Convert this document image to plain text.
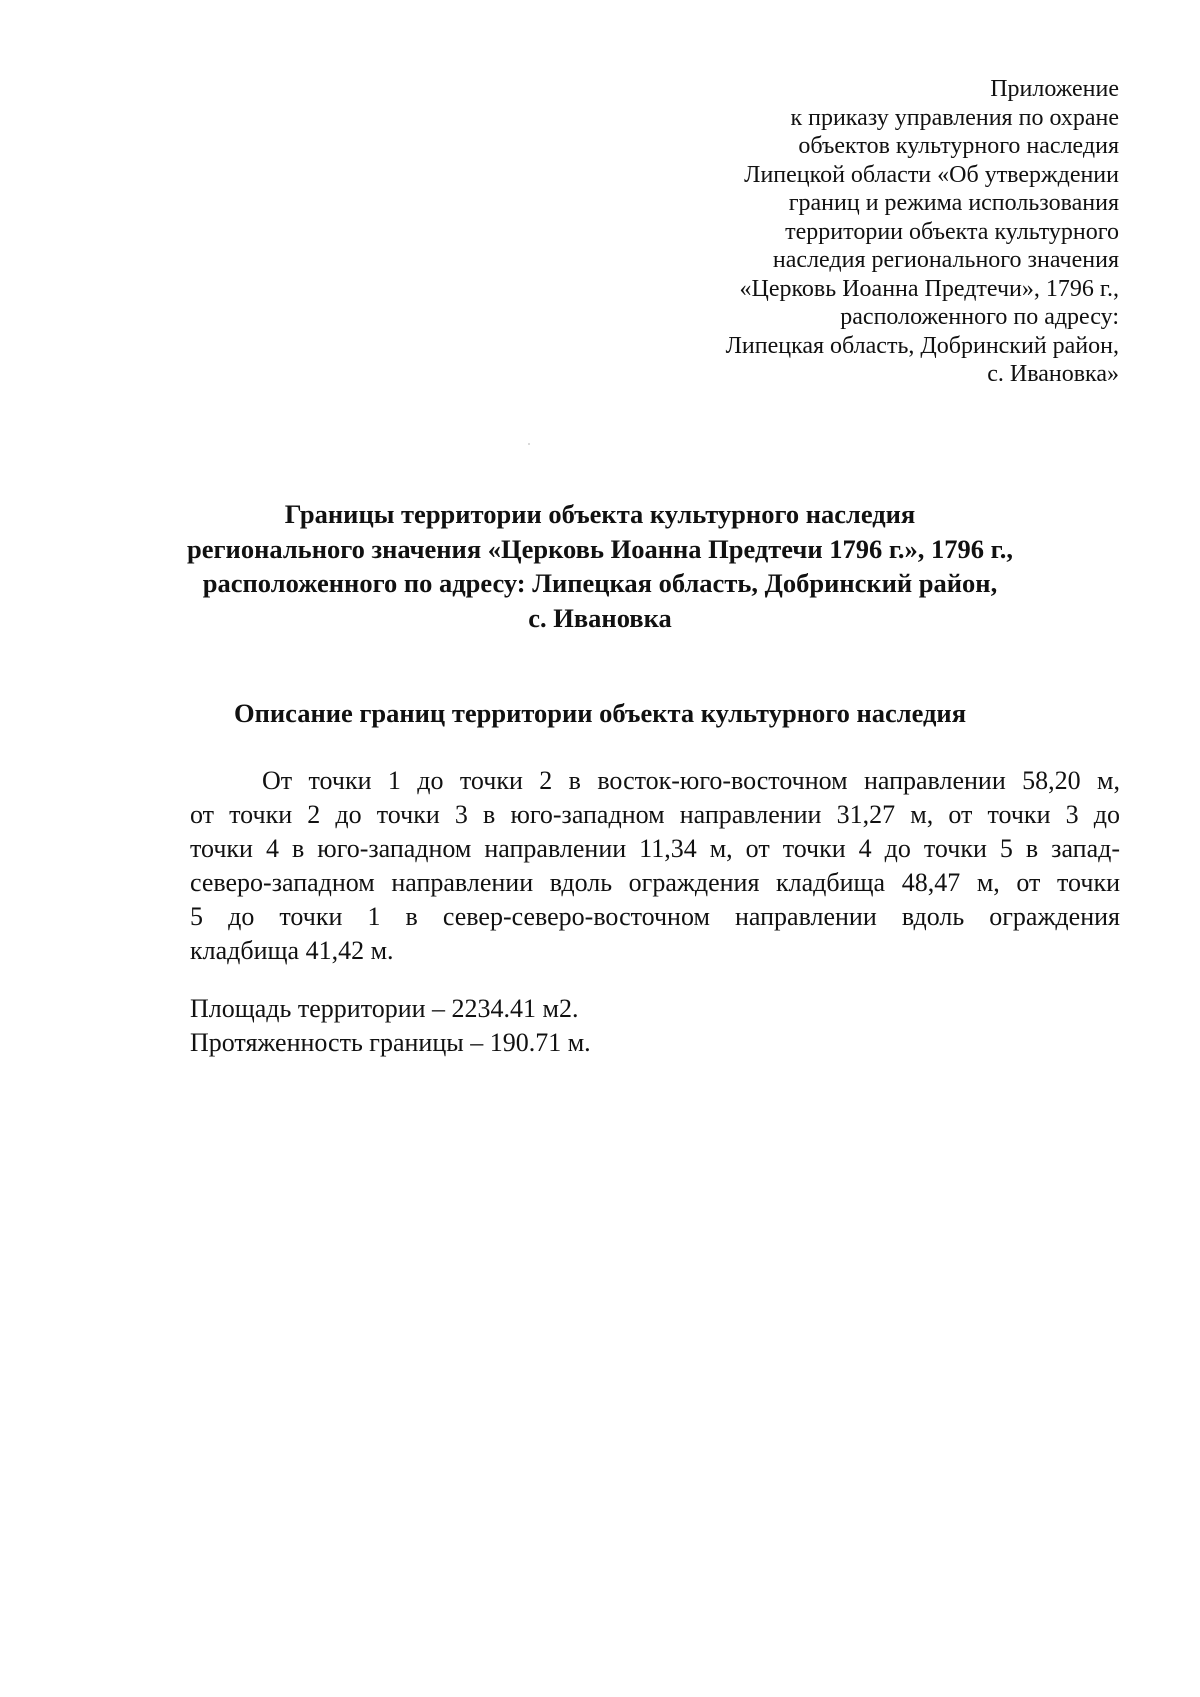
Приложение
к приказу управления по охране
объектов культурного наследия
Липецкой области «Об утверждении
границ и режима использования
территории объекта культурного
наследия регионального значения
«Церковь Иоанна Предтечи», 1796 г.,
расположенного по адресу:
Липецкая область, Добринский район,
с. Ивановка»
Границы территории объекта культурного наследия
регионального значения «Церковь Иоанна Предтечи 1796 г.», 1796 г.,
расположенного по адресу: Липецкая область, Добринский район,
с. Ивановка
Описание границ территории объекта культурного наследия
От точки 1 до точки 2 в восток-юго-восточном направлении 58,20 м,
от точки 2 до точки 3 в юго-западном направлении 31,27 м, от точки 3 до
точки 4 в юго-западном направлении 11,34 м, от точки 4 до точки 5 в запад-
северо-западном направлении вдоль ограждения кладбища 48,47 м, от точки
5 до точки 1 в север-северо-восточном направлении вдоль ограждения
кладбища 41,42 м.
Площадь территории – 2234.41 м2.
Протяженность границы – 190.71 м.
